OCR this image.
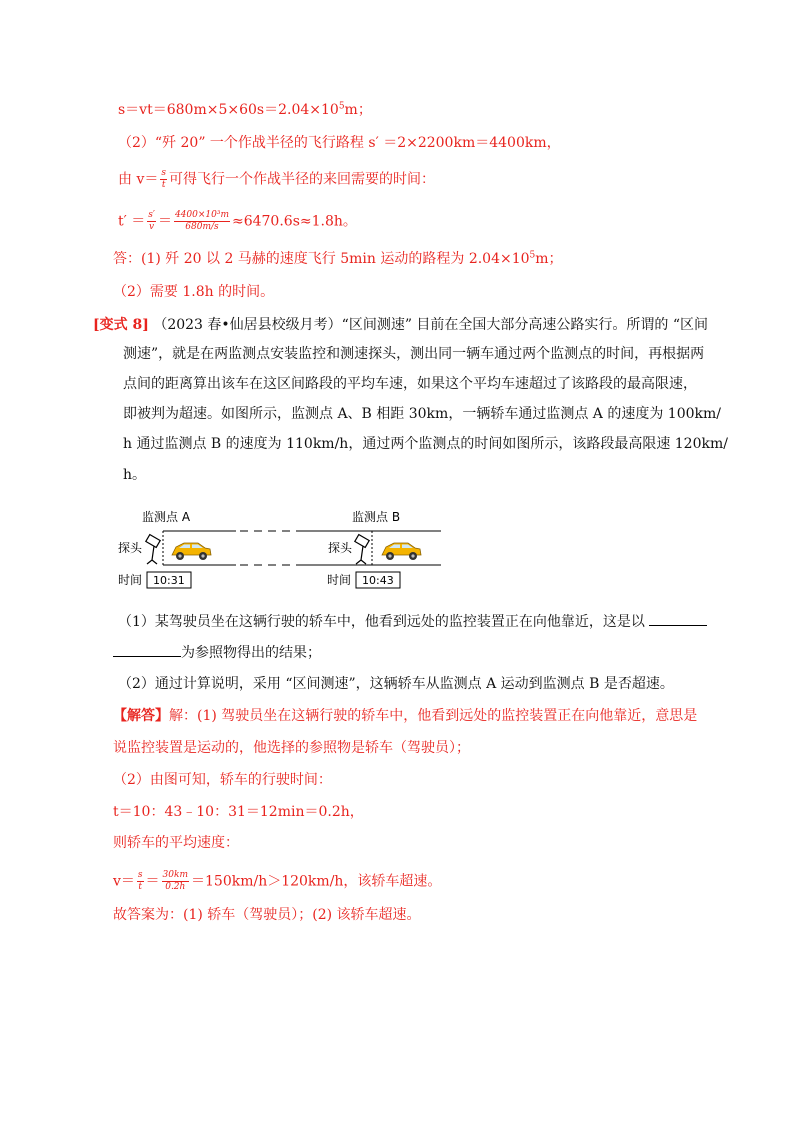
$s=vt=680m\times 5\times 60s=2.04\times 10^5m$；
（2）“歼 20” 一个作战半径的飞行路程 s′ ＝2×2200km＝4400km，
由 $v= \frac{s}{t}$ 可得飞行一个作战半径的来回需要的时间：
$t' = \frac{s'}{v} = \frac{\text{4400×10³m}}{680m/s} \approx 6470.6s\approx 1.8h$。
答：(1) 歼 20 以 2 马赫的速度飞行 5min 运动的路程为 $2.04\times 10^5m$；
（2）需要 1.8h 的时间。
[变式 8] （2023 春•仙居县校级月考）“区间测速” 目前在全国大部分高速公路实行。所谓的 “区间
测速”，就是在两监测点安装监控和测速探头，测出同一辆车通过两个监测点的时间，再根据两
点间的距离算出该车在这区间路段的平均车速，如果这个平均车速超过了该路段的最高限速，
即被判为超速。如图所示，监测点 A、B 相距 30km，一辆轿车通过监测点 A 的速度为 100km/
h 通过监测点 B 的速度为 110km/h，通过两个监测点的时间如图所示，该路段最高限速 120km/
h。
监测点 A	监测点 B
探头	探头
时间 10:31	时间 10:43
（1）某驾驶员坐在这辆行驶的轿车中，他看到远处的监控装置正在向他靠近，这是以
为参照物得出的结果；
（2）通过计算说明，采用 “区间测速”，这辆轿车从监测点 A 运动到监测点 B 是否超速。
【解答】解：(1) 驾驶员坐在这辆行驶的轿车中，他看到远处的监控装置正在向他靠近，意思是
说监控装置是运动的，他选择的参照物是轿车（驾驶员）；
（2）由图可知，轿车的行驶时间：
t＝10：43﹣10：31＝12min＝0.2h，
则轿车的平均速度：
$v= \frac{s}{t} = \frac{30km}{0.2h} =150km/h>120km/h$，该轿车超速。
故答案为：(1) 轿车（驾驶员）；(2) 该轿车超速。
